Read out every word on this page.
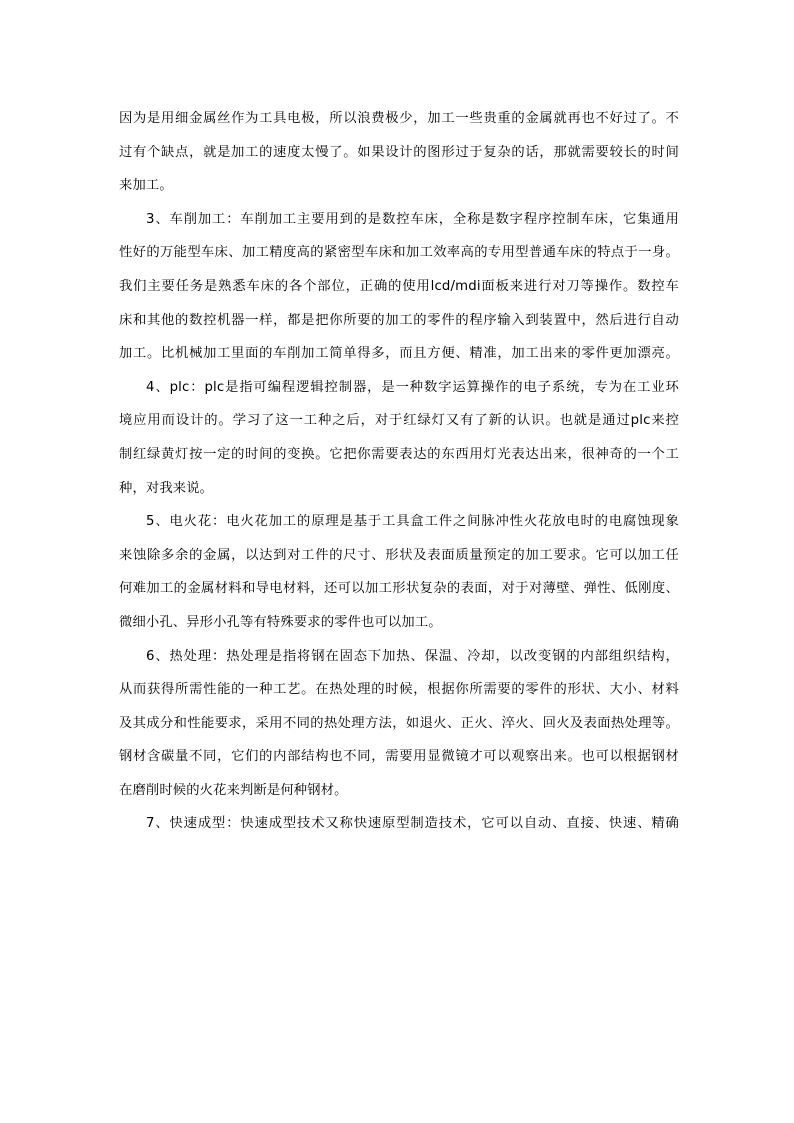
因为是用细金属丝作为工具电极，所以浪费极少，加工一些贵重的金属就再也不好过了。不
过有个缺点，就是加工的速度太慢了。如果设计的图形过于复杂的话，那就需要较长的时间
来加工。
3、车削加工：车削加工主要用到的是数控车床，全称是数字程序控制车床，它集通用
性好的万能型车床、加工精度高的紧密型车床和加工效率高的专用型普通车床的特点于一身。
我们主要任务是熟悉车床的各个部位，正确的使用lcd/mdi面板来进行对刀等操作。数控车
床和其他的数控机器一样，都是把你所要的加工的零件的程序输入到装置中，然后进行自动
加工。比机械加工里面的车削加工简单得多，而且方便、精准，加工出来的零件更加漂亮。
4、plc：plc是指可编程逻辑控制器，是一种数字运算操作的电子系统，专为在工业环
境应用而设计的。学习了这一工种之后，对于红绿灯又有了新的认识。也就是通过plc来控
制红绿黄灯按一定的时间的变换。它把你需要表达的东西用灯光表达出来，很神奇的一个工
种，对我来说。
5、电火花：电火花加工的原理是基于工具盒工件之间脉冲性火花放电时的电腐蚀现象
来蚀除多余的金属，以达到对工件的尺寸、形状及表面质量预定的加工要求。它可以加工任
何难加工的金属材料和导电材料，还可以加工形状复杂的表面，对于对薄壁、弹性、低刚度、
微细小孔、异形小孔等有特殊要求的零件也可以加工。
6、热处理：热处理是指将钢在固态下加热、保温、冷却，以改变钢的内部组织结构，
从而获得所需性能的一种工艺。在热处理的时候，根据你所需要的零件的形状、大小、材料
及其成分和性能要求，采用不同的热处理方法，如退火、正火、淬火、回火及表面热处理等。
钢材含碳量不同，它们的内部结构也不同，需要用显微镜才可以观察出来。也可以根据钢材
在磨削时候的火花来判断是何种钢材。
7、快速成型：快速成型技术又称快速原型制造技术，它可以自动、直接、快速、精确
